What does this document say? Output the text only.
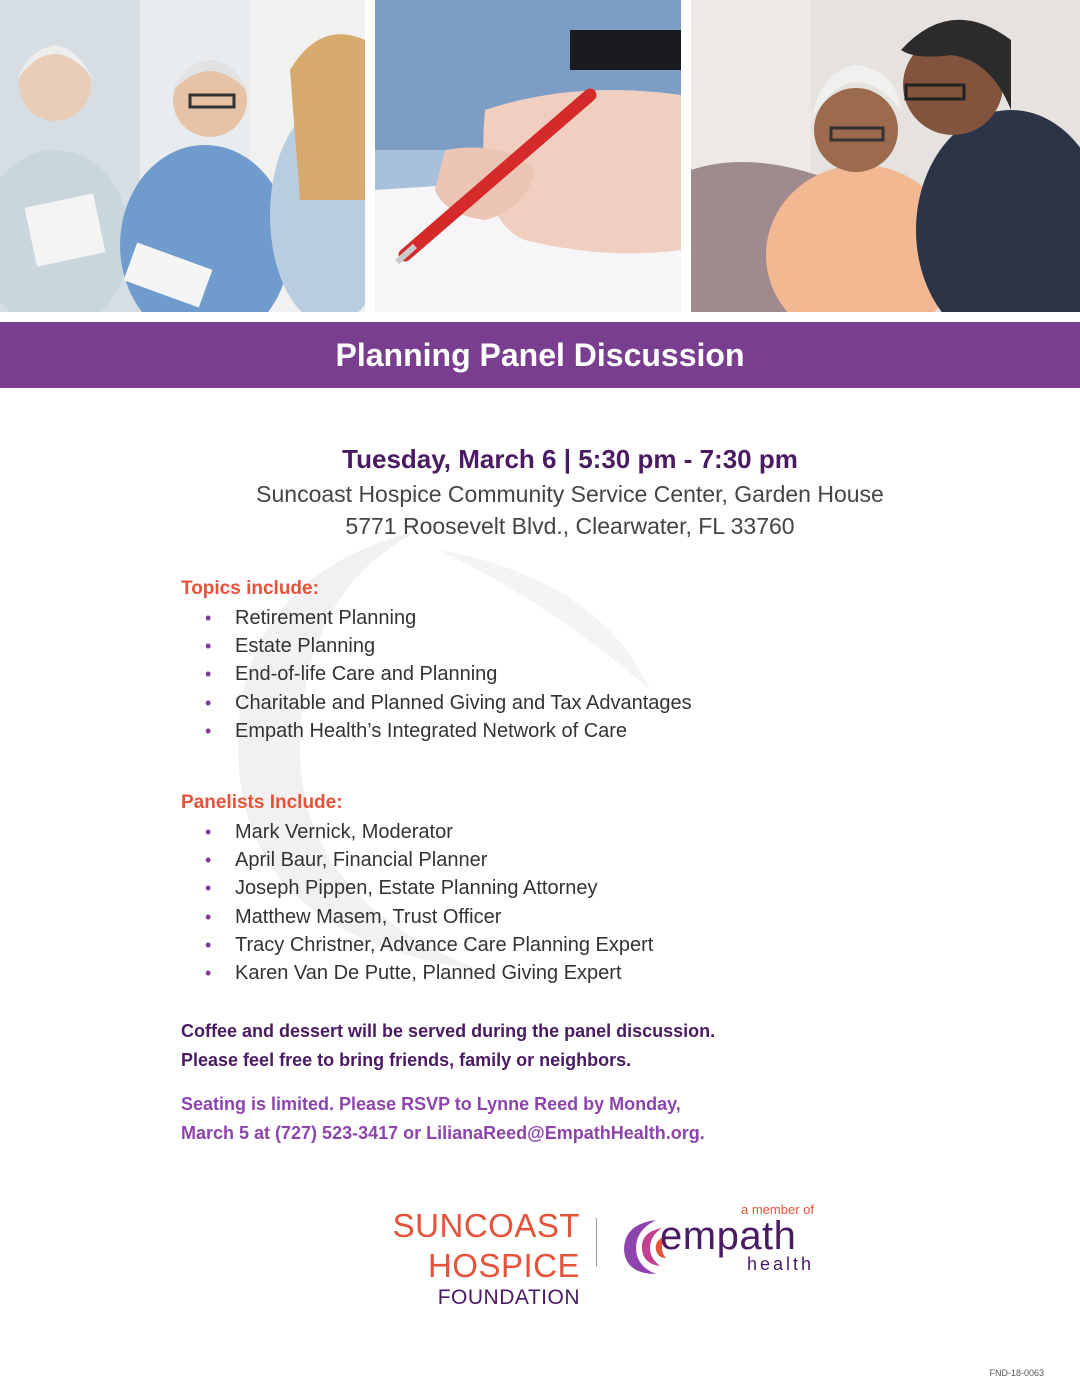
Planning Panel Discussion
Tuesday, March 6 | 5:30 pm - 7:30 pm
Suncoast Hospice Community Service Center, Garden House
5771 Roosevelt Blvd., Clearwater, FL 33760
Topics include:
• Retirement Planning
• Estate Planning
• End-of-life Care and Planning
• Charitable and Planned Giving and Tax Advantages
• Empath Health’s Integrated Network of Care
Panelists Include:
• Mark Vernick, Moderator
• April Baur, Financial Planner
• Joseph Pippen, Estate Planning Attorney
• Matthew Masem, Trust Officer
• Tracy Christner, Advance Care Planning Expert
• Karen Van De Putte, Planned Giving Expert
Coffee and dessert will be served during the panel discussion.
Please feel free to bring friends, family or neighbors.
Seating is limited. Please RSVP to Lynne Reed by Monday,
March 5 at (727) 523-3417 or LilianaReed@EmpathHealth.org.
SUNCOAST HOSPICE
FOUNDATION
a member of
empath
health
FND-18-0063
